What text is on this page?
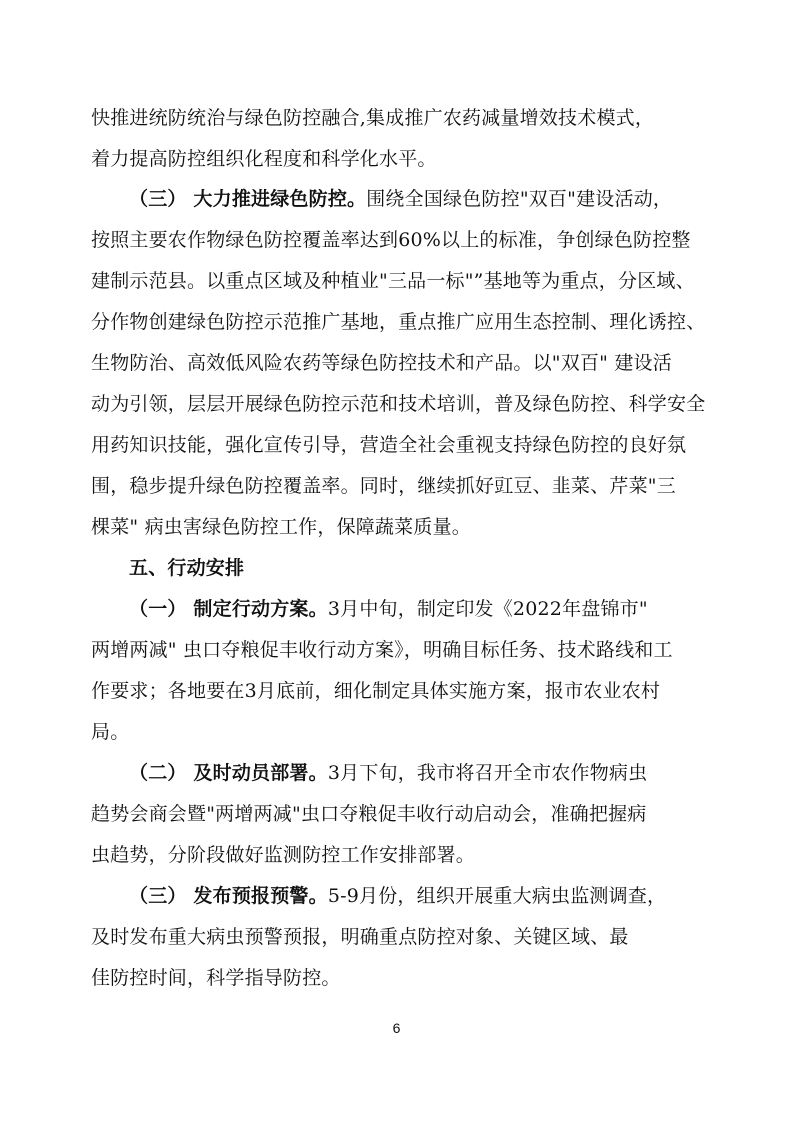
快推进统防统治与绿色防控融合,集成推广农药减量增效技术模式，
着力提高防控组织化程度和科学化水平。
（三） 大力推进绿色防控。围绕全国绿色防控"双百"建设活动，
按照主要农作物绿色防控覆盖率达到60%以上的标准，争创绿色防控整
建制示范县。以重点区域及种植业"三品一标"”基地等为重点，分区域、
分作物创建绿色防控示范推广基地，重点推广应用生态控制、理化诱控、
生物防治、高效低风险农药等绿色防控技术和产品。以"双百" 建设活
动为引领，层层开展绿色防控示范和技术培训，普及绿色防控、科学安全
用药知识技能，强化宣传引导，营造全社会重视支持绿色防控的良好氛
围，稳步提升绿色防控覆盖率。同时，继续抓好豇豆、韭菜、芹菜"三
棵菜" 病虫害绿色防控工作，保障蔬菜质量。
五、行动安排
（一） 制定行动方案。3月中旬，制定印发《2022年盘锦市"
两增两减" 虫口夺粮促丰收行动方案》，明确目标任务、技术路线和工
作要求；各地要在3月底前，细化制定具体实施方案，报市农业农村
局。
（二） 及时动员部署。3月下旬，我市将召开全市农作物病虫
趋势会商会暨"两增两减"虫口夺粮促丰收行动启动会，准确把握病
虫趋势，分阶段做好监测防控工作安排部署。
（三） 发布预报预警。5-9月份，组织开展重大病虫监测调查，
及时发布重大病虫预警预报，明确重点防控对象、关键区域、最
佳防控时间，科学指导防控。
6
